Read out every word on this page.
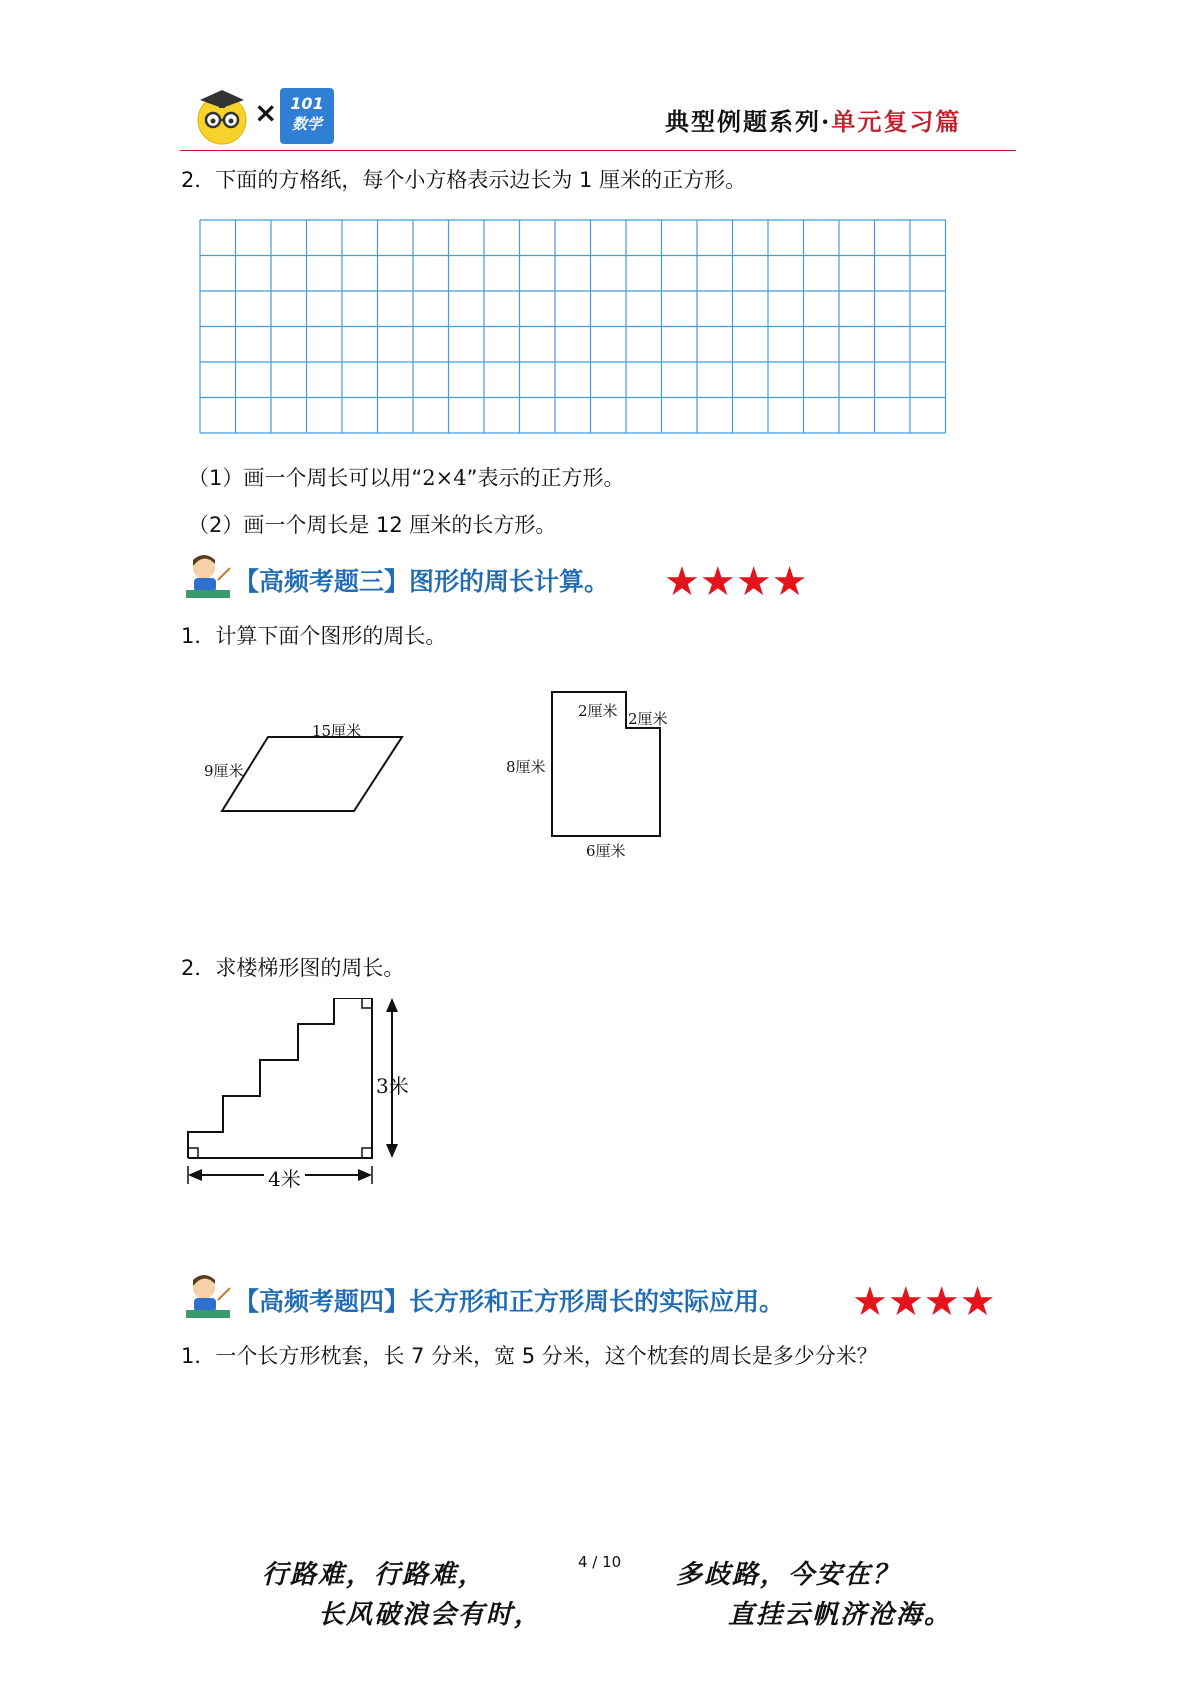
× 101
数学	典型例题系列·单元复习篇
2．下面的方格纸，每个小方格表示边长为 1 厘米的正方形。
（1）画一个周长可以用“2×4”表示的正方形。
（2）画一个周长是 12 厘米的长方形。
【高频考题三】图形的周长计算。 ★★★★
1．计算下面个图形的周长。
15厘米
9厘米
2厘米 2厘米
8厘米
6厘米
2．求楼梯形图的周长。
3米
4米
【高频考题四】长方形和正方形周长的实际应用。 ★★★★
1．一个长方形枕套，长 7 分米，宽 5 分米，这个枕套的周长是多少分米？
行路难，行路难，
长风破浪会有时，
4 / 10 多歧路，今安在？
直挂云帆济沧海。
